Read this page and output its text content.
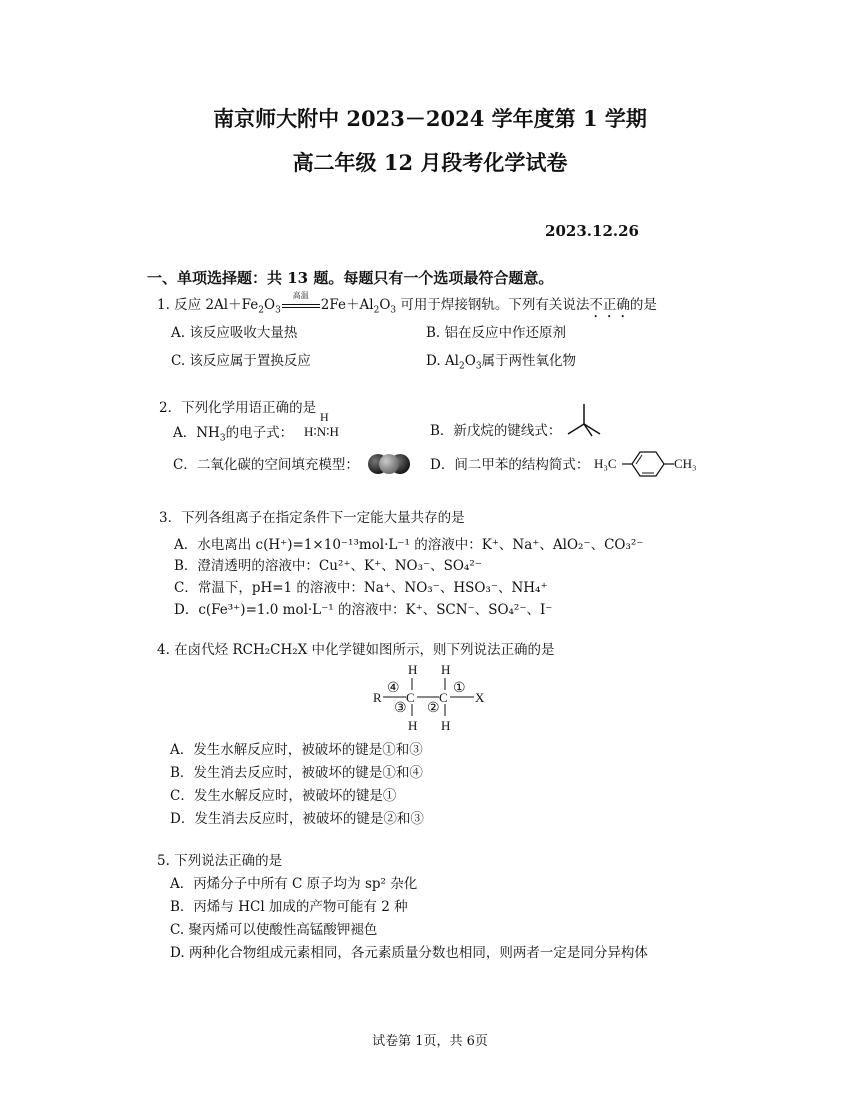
南京师大附中 2023－2024 学年度第 1 学期
高二年级 12 月段考化学试卷
2023.12.26
一、单项选择题：共 13 题。每题只有一个选项最符合题意。
1. 反应 $2Al+Fe_2O_3$
高温
$2Fe+Al_2O_3$ 可用于焊接钢轨。下列有关说法不正确的是
A. 该反应吸收大量热	B. 铝在反应中作还原剂
C. 该反应属于置换反应	D. $Al_2O_3$属于两性氧化物
2．下列化学用语正确的是
A．$NH_3$的电子式：
H
H∶N∶H	B．新戊烷的键线式：
C．二氧化碳的空间填充模型：	D．间二甲苯的结构简式： H₃C	CH₃
3．下列各组离子在指定条件下一定能大量共存的是
A．水电离出 c(H⁺)=1×10⁻¹³mol·L⁻¹ 的溶液中：K⁺、Na⁺、AlO₂⁻、CO₃²⁻
B．澄清透明的溶液中：Cu²⁺、K⁺、NO₃⁻、SO₄²⁻
C．常温下，pH=1 的溶液中：Na⁺、NO₃⁻、HSO₃⁻、NH₄⁺
D．c(Fe³⁺)=1.0 mol·L⁻¹ 的溶液中：K⁺、SCN⁻、SO₄²⁻、I⁻
4. 在卤代烃 RCH₂CH₂X 中化学键如图所示，则下列说法正确的是
H H
R
④
C C
①
X
③ ②
H H
A．发生水解反应时，被破坏的键是①和③
B．发生消去反应时，被破坏的键是①和④
C．发生水解反应时，被破坏的键是①
D．发生消去反应时，被破坏的键是②和③
5. 下列说法正确的是
A．丙烯分子中所有 C 原子均为 sp² 杂化
B．丙烯与 HCl 加成的产物可能有 2 种
C. 聚丙烯可以使酸性高锰酸钾褪色
D. 两种化合物组成元素相同，各元素质量分数也相同，则两者一定是同分异构体
试卷第 1页，共 6页
